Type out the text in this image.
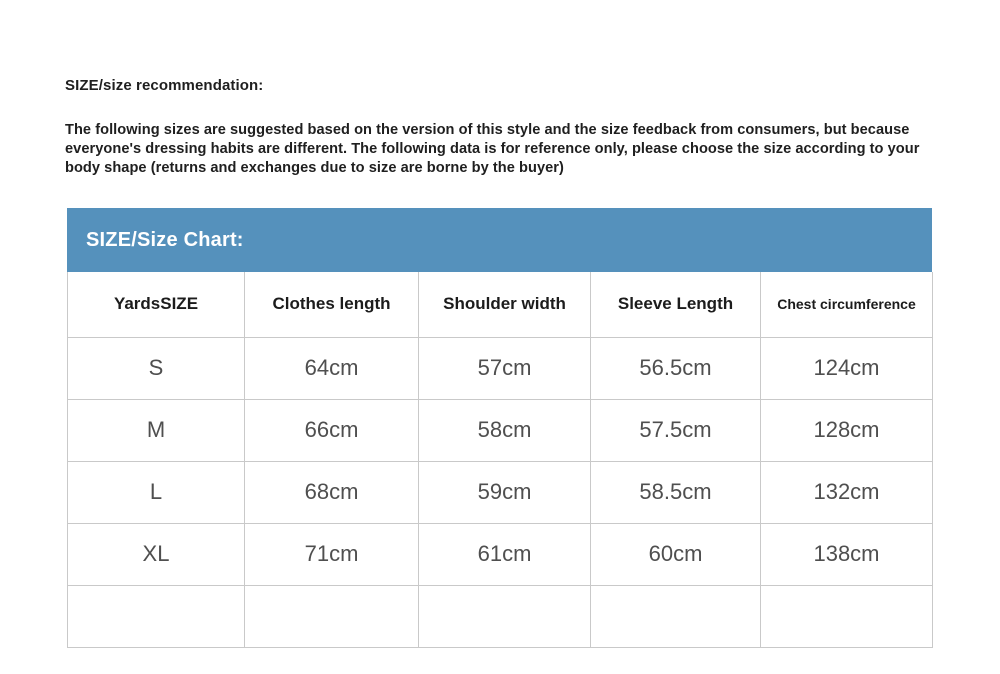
SIZE/size recommendation:
The following sizes are suggested based on the version of this style and the size feedback from consumers, but because everyone's dressing habits are different. The following data is for reference only, please choose the size according to your body shape (returns and exchanges due to size are borne by the buyer)
SIZE/Size Chart:
YardsSIZE	Clothes length	Shoulder width	Sleeve Length	Chest circumference
S	64cm	57cm	56.5cm	124cm
M	66cm	58cm	57.5cm	128cm
L	68cm	59cm	58.5cm	132cm
XL	71cm	61cm	60cm	138cm
